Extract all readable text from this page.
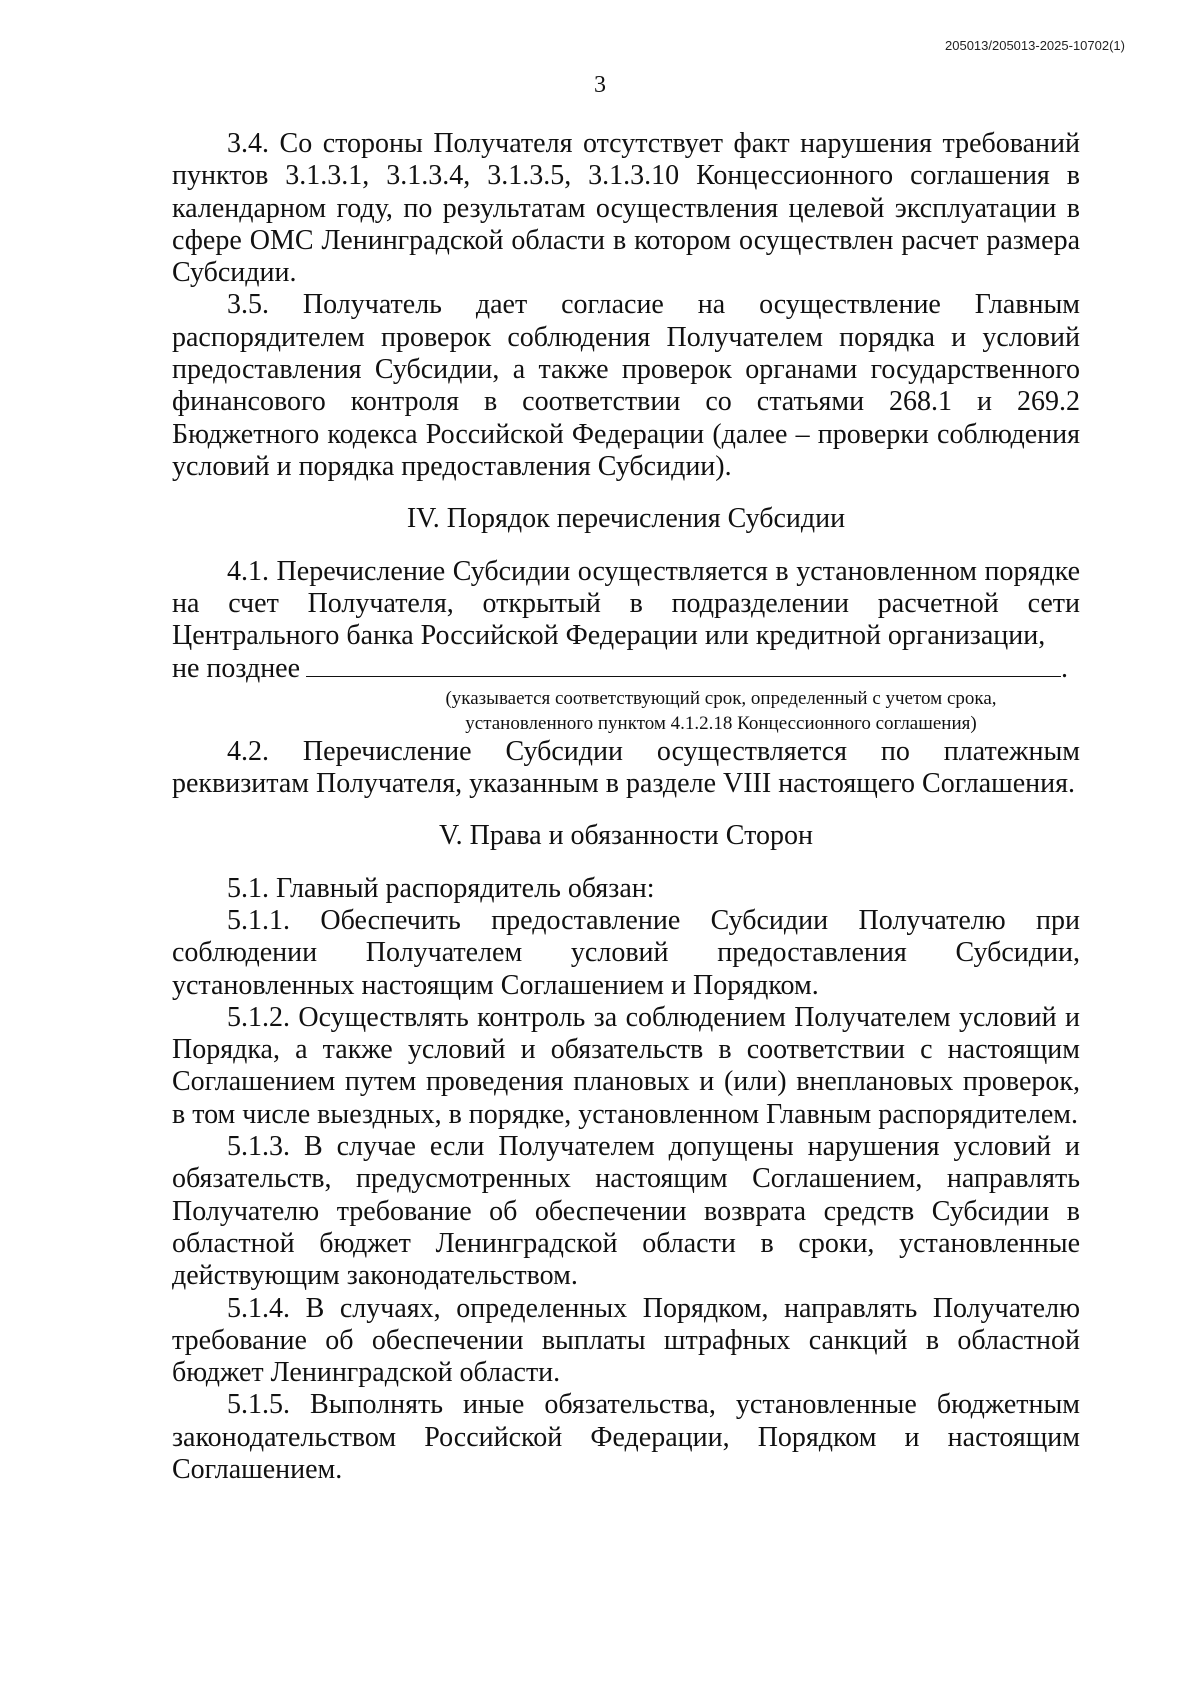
205013/205013-2025-10702(1)
3

3.4. Со стороны Получателя отсутствует факт нарушения требований пунктов 3.1.3.1, 3.1.3.4, 3.1.3.5, 3.1.3.10 Концессионного соглашения в календарном году, по результатам осуществления целевой эксплуатации в сфере ОМС Ленинградской области в котором осуществлен расчет размера Субсидии.

3.5. Получатель дает согласие на осуществление Главным распорядителем проверок соблюдения Получателем порядка и условий предоставления Субсидии, а также проверок органами государственного финансового контроля в соответствии со статьями 268.1 и 269.2 Бюджетного кодекса Российской Федерации (далее – проверки соблюдения условий и порядка предоставления Субсидии).

IV. Порядок перечисления Субсидии

4.1. Перечисление Субсидии осуществляется в установленном порядке на счет Получателя, открытый в подразделении расчетной сети Центрального банка Российской Федерации или кредитной организации,

не позднее	.

(указывается соответствующий срок, определенный с учетом срока,

установленного пунктом 4.1.2.18 Концессионного соглашения)

4.2. Перечисление Субсидии осуществляется по платежным реквизитам Получателя, указанным в разделе VIII настоящего Соглашения.

V. Права и обязанности Сторон

5.1. Главный распорядитель обязан:

5.1.1. Обеспечить предоставление Субсидии Получателю при соблюдении Получателем условий предоставления Субсидии, установленных настоящим Соглашением и Порядком.

5.1.2. Осуществлять контроль за соблюдением Получателем условий и Порядка, а также условий и обязательств в соответствии с настоящим Соглашением путем проведения плановых и (или) внеплановых проверок, в том числе выездных, в порядке, установленном Главным распорядителем.

5.1.3. В случае если Получателем допущены нарушения условий и обязательств, предусмотренных настоящим Соглашением, направлять Получателю требование об обеспечении возврата средств Субсидии в областной бюджет Ленинградской области в сроки, установленные действующим законодательством.

5.1.4. В случаях, определенных Порядком, направлять Получателю требование об обеспечении выплаты штрафных санкций в областной бюджет Ленинградской области.

5.1.5. Выполнять иные обязательства, установленные бюджетным законодательством Российской Федерации, Порядком и настоящим Соглашением.
